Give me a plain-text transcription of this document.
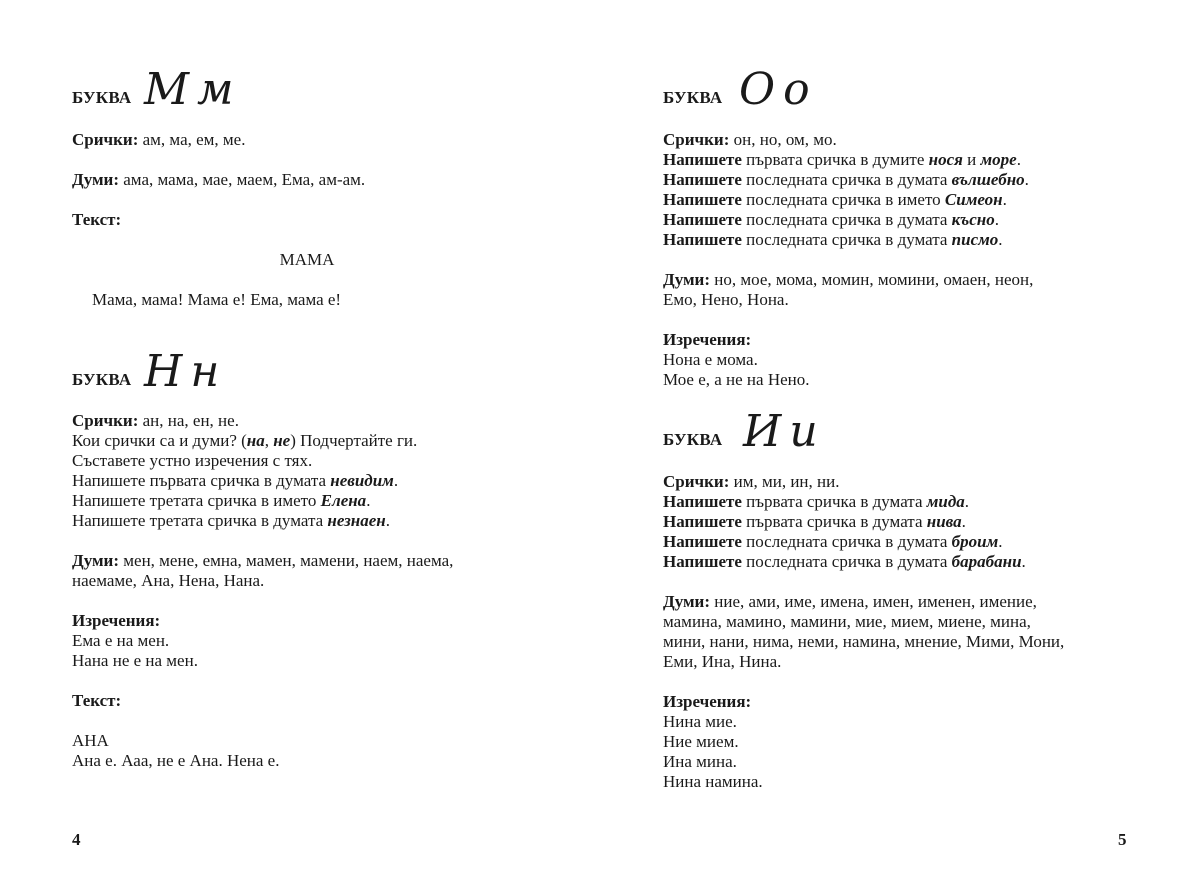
БУКВА Мм
Срички: ам, ма, ем, ме.
Думи: ама, мама, мае, маем, Ема, ам-ам.
Текст:
МАМА
Мама, мама! Мама е! Ема, мама е!
БУКВА Нн
Срички: ан, на, ен, не.
Кои срички са и думи? (на, не) Подчертайте ги.
Съставете устно изречения с тях.
Напишете първата сричка в думата невидим.
Напишете третата сричка в името Елена.
Напишете третата сричка в думата незнаен.
Думи: мен, мене, емна, мамен, мамени, наем, наема,
наемаме, Ана, Нена, Нана.
Изречения:
Ема е на мен.
Нана не е на мен.
Текст:
АНА
Ана е. Ааа, не е Ана. Нена е.
4
БУКВА Оо
Срички: он, но, ом, мо.
Напишете първата сричка в думите нося и море.
Напишете последната сричка в думата вълшебно.
Напишете последната сричка в името Симеон.
Напишете последната сричка в думата късно.
Напишете последната сричка в думата писмо.
Думи: но, мое, мома, момин, момини, омаен, неон,
Емо, Нено, Нона.
Изречения:
Нона е мома.
Мое е, а не на Нено.
БУКВА Ии
Срички: им, ми, ин, ни.
Напишете първата сричка в думата мида.
Напишете първата сричка в думата нива.
Напишете последната сричка в думата броим.
Напишете последната сричка в думата барабани.
Думи: ние, ами, име, имена, имен, именен, имение,
мамина, мамино, мамини, мие, мием, миене, мина,
мини, нани, нима, неми, намина, мнение, Мими, Мони,
Еми, Ина, Нина.
Изречения:
Нина мие.
Ние мием.
Ина мина.
Нина намина.
5
